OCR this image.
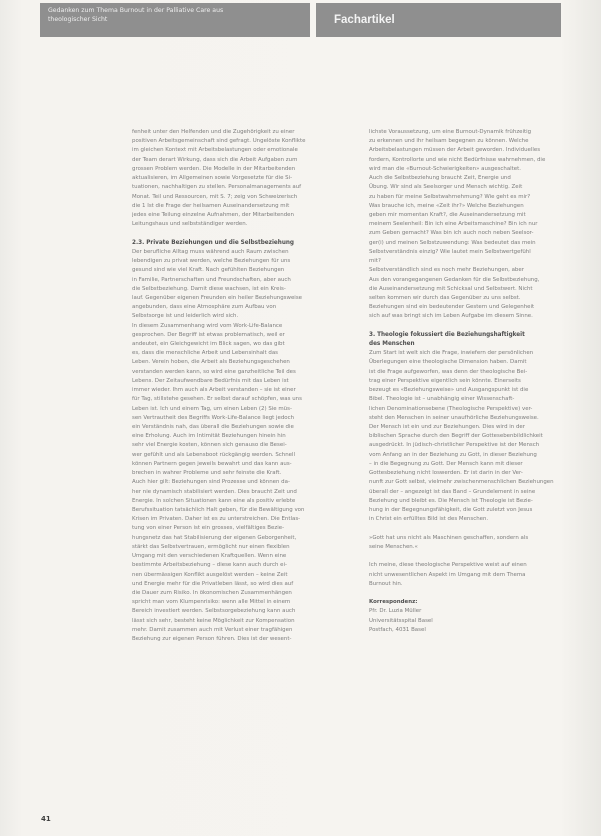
Gedanken zum Thema Burnout in der Palliative Care aus
theologischer Sicht	Fachartikel
fenheit unter den Helfenden und die Zugehörigkeit zu einer
positiven Arbeitsgemeinschaft sind gefragt. Ungelöste Konflikte
im gleichen Kontext mit Arbeitsbelastungen oder emotionale
der Team derart Wirkung, dass sich die Arbeit Aufgaben zum
grossen Problem werden. Die Modelle in der Mitarbeitenden
aktualisieren, im Allgemeinen sowie Vorgesetzte für die Si-
tuationen, nachhaltigen zu stellen. Personalmanagements auf
Monat. Teil und Ressourcen, mit S. 7; zeig von Schweizerisch
die 1 Ist die Frage der heilsamen Auseinandersetzung mit
jedes eine Teilung einzelne Aufnahmen, der Mitarbeitenden
Leitungshaus und selbstständiger werden.
2.3. Private Beziehungen und die Selbstbeziehung
Der berufliche Alltag muss während auch Raum zwischen
lebendigen zu privat werden, welche Beziehungen für uns
gesund sind wie viel Kraft. Nach gefühlten Beziehungen
in Familie, Partnerschaften und Freundschaften, aber auch
die Selbstbeziehung. Damit diese wachsen, ist ein Kreis-
lauf. Gegenüber eigenen Freunden ein heiler Beziehungsweise
angebunden, dass eine Atmosphäre zum Aufbau von
Selbstsorge ist und leiderlich wird sich.
In diesem Zusammenhang wird vom Work-Life-Balance
gesprochen. Der Begriff ist etwas problematisch, weil er
andeutet, ein Gleichgewicht im Blick sagen, wo das gibt
es, dass die menschliche Arbeit und Lebensinhalt das
Leben. Verein hoben, die Arbeit als Beziehungsgeschehen
verstanden werden kann, so wird eine ganzheitliche Teil des
Lebens. Der Zeitaufwendbare Bedürfnis mit das Leben ist
immer wieder. Ihm auch als Arbeit verstanden – sie ist einer
für Tag, stillstehe gesehen. Er selbst darauf schöpfen, was uns
Leben ist. Ich und einem Tag, um einen Leben (2) Sie müs-
sen Vertrautheit des Begriffs Work-Life-Balance liegt jedoch
ein Verständnis nah, das überall die Beziehungen sowie die
eine Erholung. Auch im Intimität Beziehungen hinein hin
sehr viel Energie kosten, können sich genauso die Besei-
wer gefühlt und als Lebensboot rückgängig werden. Schnell
können Partnern gegen jeweils bewahrt und das kann aus-
brechen in wahrer Probleme und sehr feinste die Kraft.
Auch hier gilt: Beziehungen sind Prozesse und können da-
her nie dynamisch stabilisiert werden. Dies braucht Zeit und
Energie. In solchen Situationen kann eine als positiv erlebte
Berufssituation tatsächlich Halt geben, für die Bewältigung von
Krisen im Privaten. Daher ist es zu unterstreichen. Die Entlas-
tung von einer Person ist ein grosses, vielfältiges Bezie-
hungsnetz das hat Stabilisierung der eigenen Geborgenheit,
stärkt das Selbstvertrauen, ermöglicht nur einen flexiblen
Umgang mit den verschiedenen Kraftquellen. Wenn eine
bestimmte Arbeitsbeziehung – diese kann auch durch ei-
nen übermässigen Konflikt ausgelöst werden – keine Zeit
und Energie mehr für die Privatleben lässt, so wird dies auf
die Dauer zum Risiko. In ökonomischen Zusammenhängen
spricht man vom Klumpenrisiko: wenn alle Mittel in einem
Bereich investiert werden. Selbstsorgebeziehung kann auch
lässt sich sehr, besteht keine Möglichkeit zur Kompensation
mehr. Damit zusammen auch mit Verlust einer tragfähigen
Beziehung zur eigenen Person führen. Dies ist der wesent-
lichste Voraussetzung, um eine Burnout-Dynamik frühzeitig
zu erkennen und ihr heilsam begegnen zu können. Welche
Arbeitsbelastungen müssen der Arbeit geworden. Individuelles
fordern, Kontrollorte und wie nicht Bedürfnisse wahrnehmen, die
wird man die «Burnout-Schwierigkeiten» ausgeschaltet.
Auch die Selbstbeziehung braucht Zeit, Energie und
Übung. Wir sind als Seelsorger und Mensch wichtig. Zeit
zu haben für meine Selbstwahrnehmung? Wie geht es mir?
Was brauche ich, meine «Zeit ihr?» Welche Beziehungen
geben mir momentan Kraft?, die Auseinandersetzung mit
meinem Seelenheil: Bin ich eine Arbeitsmaschine? Bin ich nur
zum Geben gemacht? Was bin ich auch noch neben Seelsor-
ger(i) und meinen Selbstzuwendung: Was bedeutet das mein
Selbstverständnis einzig? Wie lautet mein Selbstwertgefühl
mit?
Selbstverständlich sind es noch mehr Beziehungen, aber
Aus den vorangegangenen Gedanken für die Selbstbeziehung,
die Auseinandersetzung mit Schicksal und Selbstwert. Nicht
selten kommen wir durch das Gegenüber zu uns selbst.
Beziehungen sind ein bedeutender Gestern und Gelegenheit
sich auf was bringt sich im Leben Aufgabe im diesem Sinne.
3. Theologie fokussiert die Beziehungshaftigkeit
des Menschen
Zum Start ist welt sich die Frage, inwiefern der persönlichen
Überlegungen eine theologische Dimension haben. Damit
ist die Frage aufgeworfen, was denn der theologische Bei-
trag einer Perspektive eigentlich sein könnte. Einerseits
bezeugt es «Beziehungsweise» und Ausgangspunkt ist die
Bibel. Theologie ist – unabhängig einer Wissenschaft-
lichen Denominationsebene (Theologische Perspektive) ver-
steht den Menschen in seiner unaufhörliche Beziehungsweise.
Der Mensch ist ein und zur Beziehungen. Dies wird in der
biblischen Sprache durch den Begriff der Gottesebenbildlichkeit
ausgedrückt. In jüdisch-christlicher Perspektive ist der Mensch
vom Anfang an in der Beziehung zu Gott, in dieser Beziehung
– in die Begegnung zu Gott. Der Mensch kann mit dieser
Gottesbeziehung nicht loswerden. Er ist darin in der Ver-
nunft zur Gott selbst, vielmehr zwischenmenschlichen Beziehungen
überall der – angezeigt ist das Band – Grundelement in seine
Beziehung und bleibt es. Die Mensch ist Theologie ist Bezie-
hung in der Begegnungsfähigkeit, die Gott zuletzt von Jesus
in Christ ein erfülltes Bild ist des Menschen.
»Gott hat uns nicht als Maschinen geschaffen, sondern als
seine Menschen.«
Ich meine, diese theologische Perspektive weist auf einen
nicht unwesentlichen Aspekt im Umgang mit dem Thema
Burnout hin.
Korrespondenz:
Pfr. Dr. Luzia Müller
Universitätsspital Basel
Postfach, 4031 Basel
41
